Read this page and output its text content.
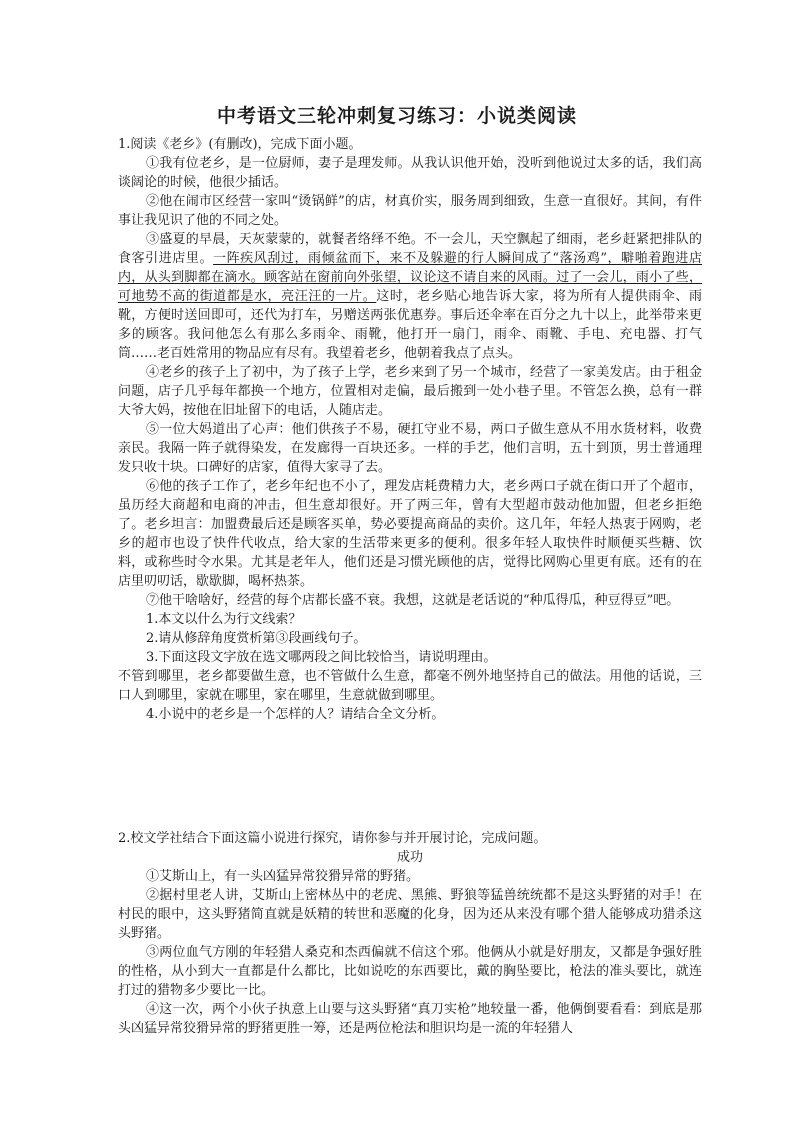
中考语文三轮冲刺复习练习：小说类阅读

1.阅读《老乡》(有删改)，完成下面小题。

①我有位老乡，是一位厨师，妻子是理发师。从我认识他开始，没听到他说过太多的话，我们高谈阔论的时候，他很少插话。

②他在闹市区经营一家叫“烫锅鲜”的店，材真价实，服务周到细致，生意一直很好。其间，有件事让我见识了他的不同之处。

③盛夏的早晨，天灰蒙蒙的，就餐者络绎不绝。不一会儿，天空飘起了细雨，老乡赶紧把排队的食客引进店里。一阵疾风刮过，雨倾盆而下，来不及躲避的行人瞬间成了“落汤鸡”，噼啪着跑进店内，从头到脚都在滴水。顾客站在窗前向外张望，议论这不请自来的风雨。过了一会儿，雨小了些，可地势不高的街道都是水，亮汪汪的一片。这时，老乡贴心地告诉大家，将为所有人提供雨伞、雨靴，方便时送回即可，还代为打车，另赠送两张优惠券。事后还伞率在百分之九十以上，此举带来更多的顾客。我问他怎么有那么多雨伞、雨靴，他打开一扇门，雨伞、雨靴、手电、充电器、打气筒……老百姓常用的物品应有尽有。我望着老乡，他朝着我点了点头。

④老乡的孩子上了初中，为了孩子上学，老乡来到了另一个城市，经营了一家美发店。由于租金问题，店子几乎每年都换一个地方，位置相对走偏，最后搬到一处小巷子里。不管怎么换，总有一群大爷大妈，按他在旧址留下的电话，人随店走。

⑤一位大妈道出了心声：他们供孩子不易，硬扛守业不易，两口子做生意从不用水货材料，收费亲民。我隔一阵子就得染发，在发廊得一百块还多。一样的手艺，他们言明，五十到顶，男士普通理发只收十块。口碑好的店家，值得大家寻了去。

⑥他的孩子工作了，老乡年纪也不小了，理发店耗费精力大，老乡两口子就在街口开了个超市，虽历经大商超和电商的冲击，但生意却很好。开了两三年，曾有大型超市鼓动他加盟，但老乡拒绝了。老乡坦言：加盟费最后还是顾客买单，势必要提高商品的卖价。这几年，年轻人热衷于网购，老乡的超市也设了快件代收点，给大家的生活带来更多的便利。很多年轻人取快件时顺便买些糖、饮料，或称些时令水果。尤其是老年人，他们还是习惯光顾他的店，觉得比网购心里更有底。还有的在店里叨叨话，歇歇脚，喝杯热茶。

⑦他干啥啥好，经营的每个店都长盛不衰。我想，这就是老话说的“种瓜得瓜，种豆得豆”吧。

1.本文以什么为行文线索？

2.请从修辞角度赏析第③段画线句子。

3.下面这段文字放在选文哪两段之间比较恰当，请说明理由。

不管到哪里，老乡都要做生意，也不管做什么生意，都毫不例外地坚持自己的做法。用他的话说，三口人到哪里，家就在哪里，家在哪里，生意就做到哪里。

4.小说中的老乡是一个怎样的人？请结合全文分析。

2.校文学社结合下面这篇小说进行探究，请你参与并开展讨论，完成问题。

成功

①艾斯山上，有一头凶猛异常狡猾异常的野猪。

②据村里老人讲，艾斯山上密林丛中的老虎、黑熊、野狼等猛兽统统都不是这头野猪的对手！在村民的眼中，这头野猪简直就是妖精的转世和恶魔的化身，因为还从来没有哪个猎人能够成功猎杀这头野猪。

③两位血气方刚的年轻猎人桑克和杰西偏就不信这个邪。他俩从小就是好朋友，又都是争强好胜的性格，从小到大一直都是什么都比，比如说吃的东西要比，戴的胸坠要比，枪法的准头要比，就连打过的猎物多少要比一比。

④这一次，两个小伙子执意上山要与这头野猪“真刀实枪”地较量一番，他俩倒要看看：到底是那头凶猛异常狡猾异常的野猪更胜一筹，还是两位枪法和胆识均是一流的年轻猎人
